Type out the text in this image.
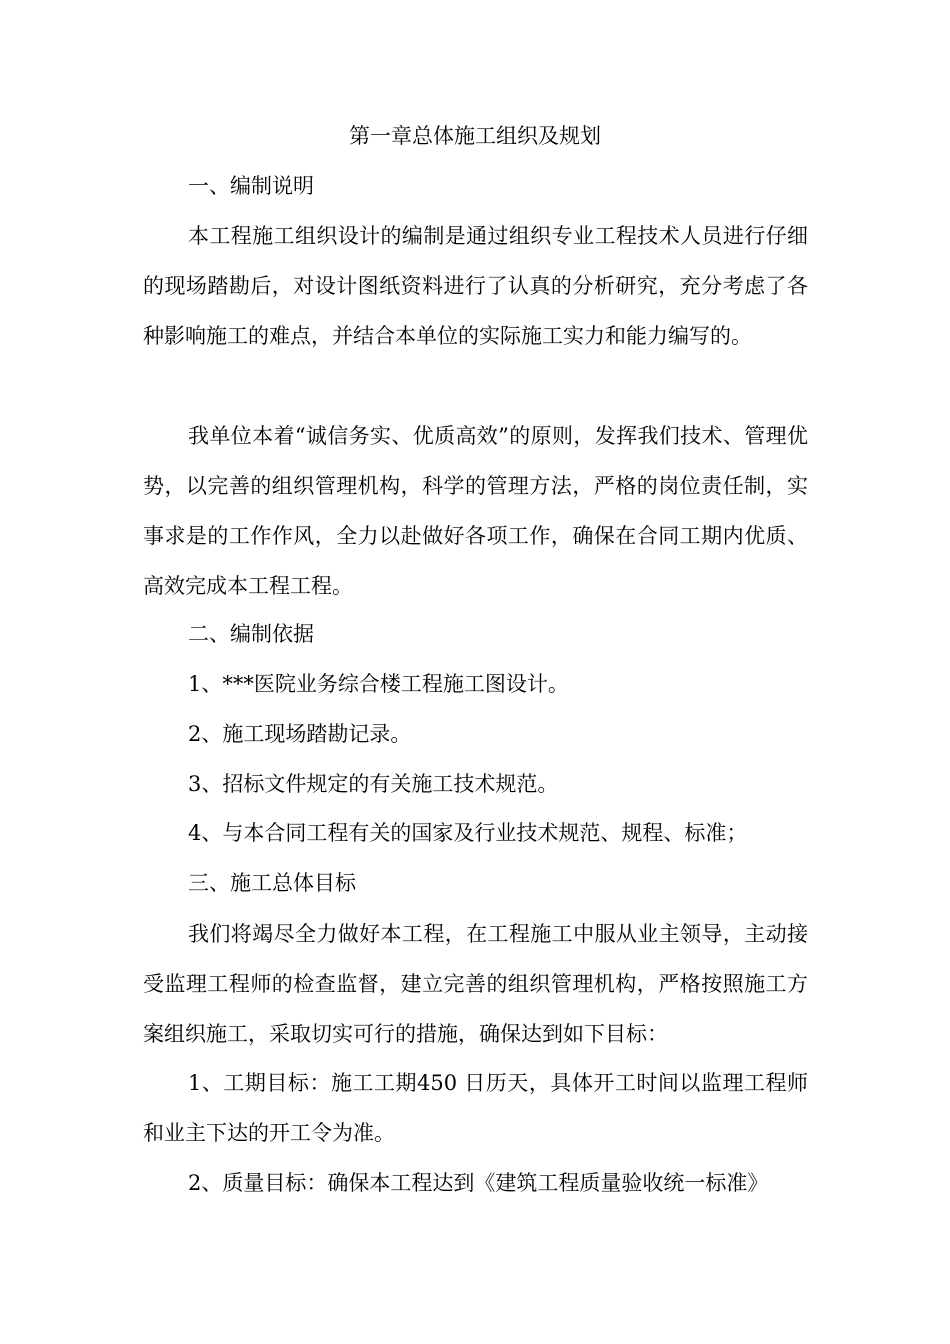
第一章总体施工组织及规划
一、编制说明
本工程施工组织设计的编制是通过组织专业工程技术人员进行仔细的现场踏勘后，对设计图纸资料进行了认真的分析研究，充分考虑了各种影响施工的难点，并结合本单位的实际施工实力和能力编写的。
我单位本着“诚信务实、优质高效”的原则，发挥我们技术、管理优势，以完善的组织管理机构，科学的管理方法，严格的岗位责任制，实事求是的工作作风，全力以赴做好各项工作，确保在合同工期内优质、高效完成本工程工程。
二、编制依据
1、***医院业务综合楼工程施工图设计。
2、施工现场踏勘记录。
3、招标文件规定的有关施工技术规范。
4、与本合同工程有关的国家及行业技术规范、规程、标准；
三、施工总体目标
我们将竭尽全力做好本工程，在工程施工中服从业主领导，主动接受监理工程师的检查监督，建立完善的组织管理机构，严格按照施工方案组织施工，采取切实可行的措施，确保达到如下目标：
1、工期目标：施工工期450 日历天，具体开工时间以监理工程师和业主下达的开工令为准。
2、质量目标：确保本工程达到《建筑工程质量验收统一标准》
